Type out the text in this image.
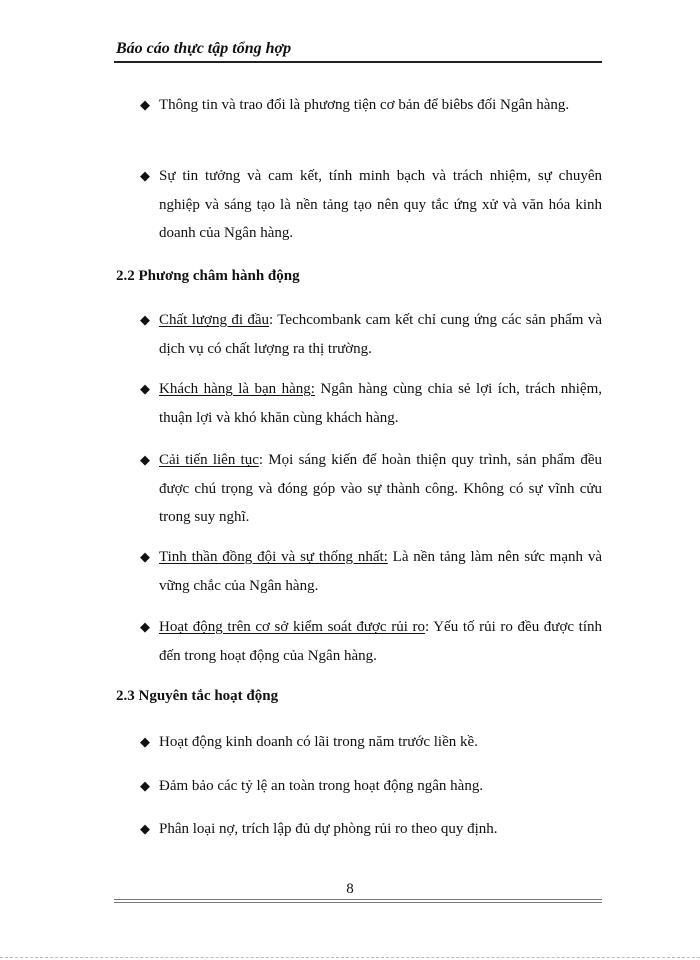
Báo cáo thực tập tổng hợp
◆ Thông tin và trao đổi là phương tiện cơ bản để biêbs đối Ngân hàng.
◆ Sự tin tưởng và cam kết, tính minh bạch và trách nhiệm, sự chuyên nghiệp và sáng tạo là nền tảng tạo nên quy tắc ứng xử và văn hóa kinh doanh của Ngân hàng.
2.2 Phương châm hành động
◆ Chất lượng đi đầu: Techcombank cam kết chỉ cung ứng các sản phẩm và dịch vụ có chất lượng ra thị trường.
◆ Khách hàng là bạn hàng: Ngân hàng cùng chia sẻ lợi ích, trách nhiệm, thuận lợi và khó khăn cùng khách hàng.
◆ Cải tiến liên tục: Mọi sáng kiến để hoàn thiện quy trình, sản phẩm đều được chú trọng và đóng góp vào sự thành công. Không có sự vĩnh cửu trong suy nghĩ.
◆ Tinh thần đồng đội và sự thống nhất: Là nền tảng làm nên sức mạnh và vững chắc của Ngân hàng.
◆ Hoạt động trên cơ sở kiểm soát được rủi ro: Yếu tố rủi ro đều được tính đến trong hoạt động của Ngân hàng.
2.3 Nguyên tắc hoạt động
◆ Hoạt động kinh doanh có lãi trong năm trước liền kề.
◆ Đảm bảo các tỷ lệ an toàn trong hoạt động ngân hàng.
◆ Phân loại nợ, trích lập đủ dự phòng rủi ro theo quy định.
8
